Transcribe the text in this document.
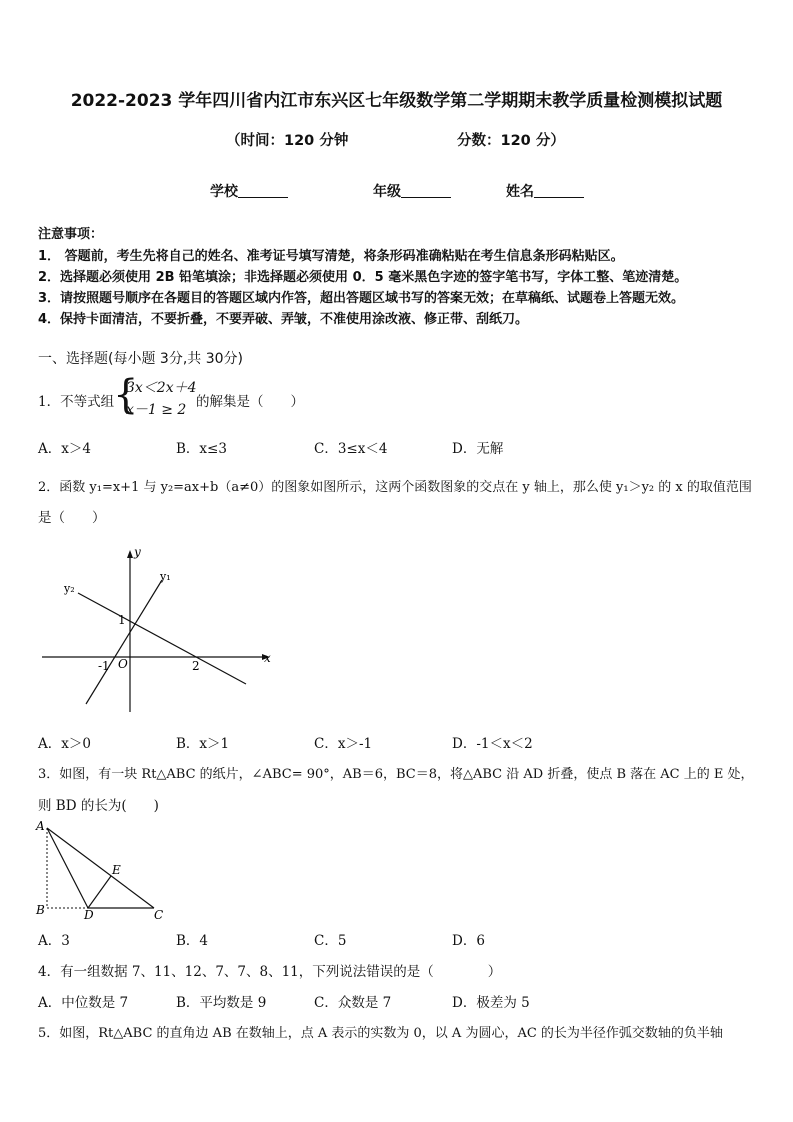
2022-2023 学年四川省内江市东兴区七年级数学第二学期期末教学质量检测模拟试题
（时间：120 分钟	分数：120 分）
学校	年级	姓名
注意事项：
1． 答题前，考生先将自己的姓名、准考证号填写清楚，将条形码准确粘贴在考生信息条形码粘贴区。
2．选择题必须使用 2B 铅笔填涂；非选择题必须使用 0．5 毫米黑色字迹的签字笔书写，字体工整、笔迹清楚。
3．请按照题号顺序在各题目的答题区域内作答，超出答题区域书写的答案无效；在草稿纸、试题卷上答题无效。
4．保持卡面清洁，不要折叠，不要弄破、弄皱，不准使用涂改液、修正带、刮纸刀。
一、选择题(每小题 3分,共 30分)
1．不等式组
{
3x＜2x＋4
x－1 ≥ 2 的解集是（　　）
A．x＞4	B．x≤3	C．3≤x＜4	D．无解
2．函数 y₁=x+1 与 y₂=ax+b（a≠0）的图象如图所示，这两个函数图象的交点在 y 轴上，那么使 y₁＞y₂ 的 x 的取值范围
是（　　）
y
x
y₁
y₂
1
-1 O	2
A．x＞0	B．x＞1	C．x＞-1	D．-1＜x＜2
3．如图，有一块 Rt△ABC 的纸片，∠ABC= 90°，AB＝6，BC＝8，将△ABC 沿 AD 折叠，使点 B 落在 AC 上的 E 处，
则 BD 的长为(　　)
A
B	D	C
E
A．3	B．4	C．5	D．6
4．有一组数据 7、11、12、7、7、8、11，下列说法错误的是（　　　　）
A．中位数是 7	B．平均数是 9	C．众数是 7	D．极差为 5
5．如图，Rt△ABC 的直角边 AB 在数轴上，点 A 表示的实数为 0，以 A 为圆心，AC 的长为半径作弧交数轴的负半轴
